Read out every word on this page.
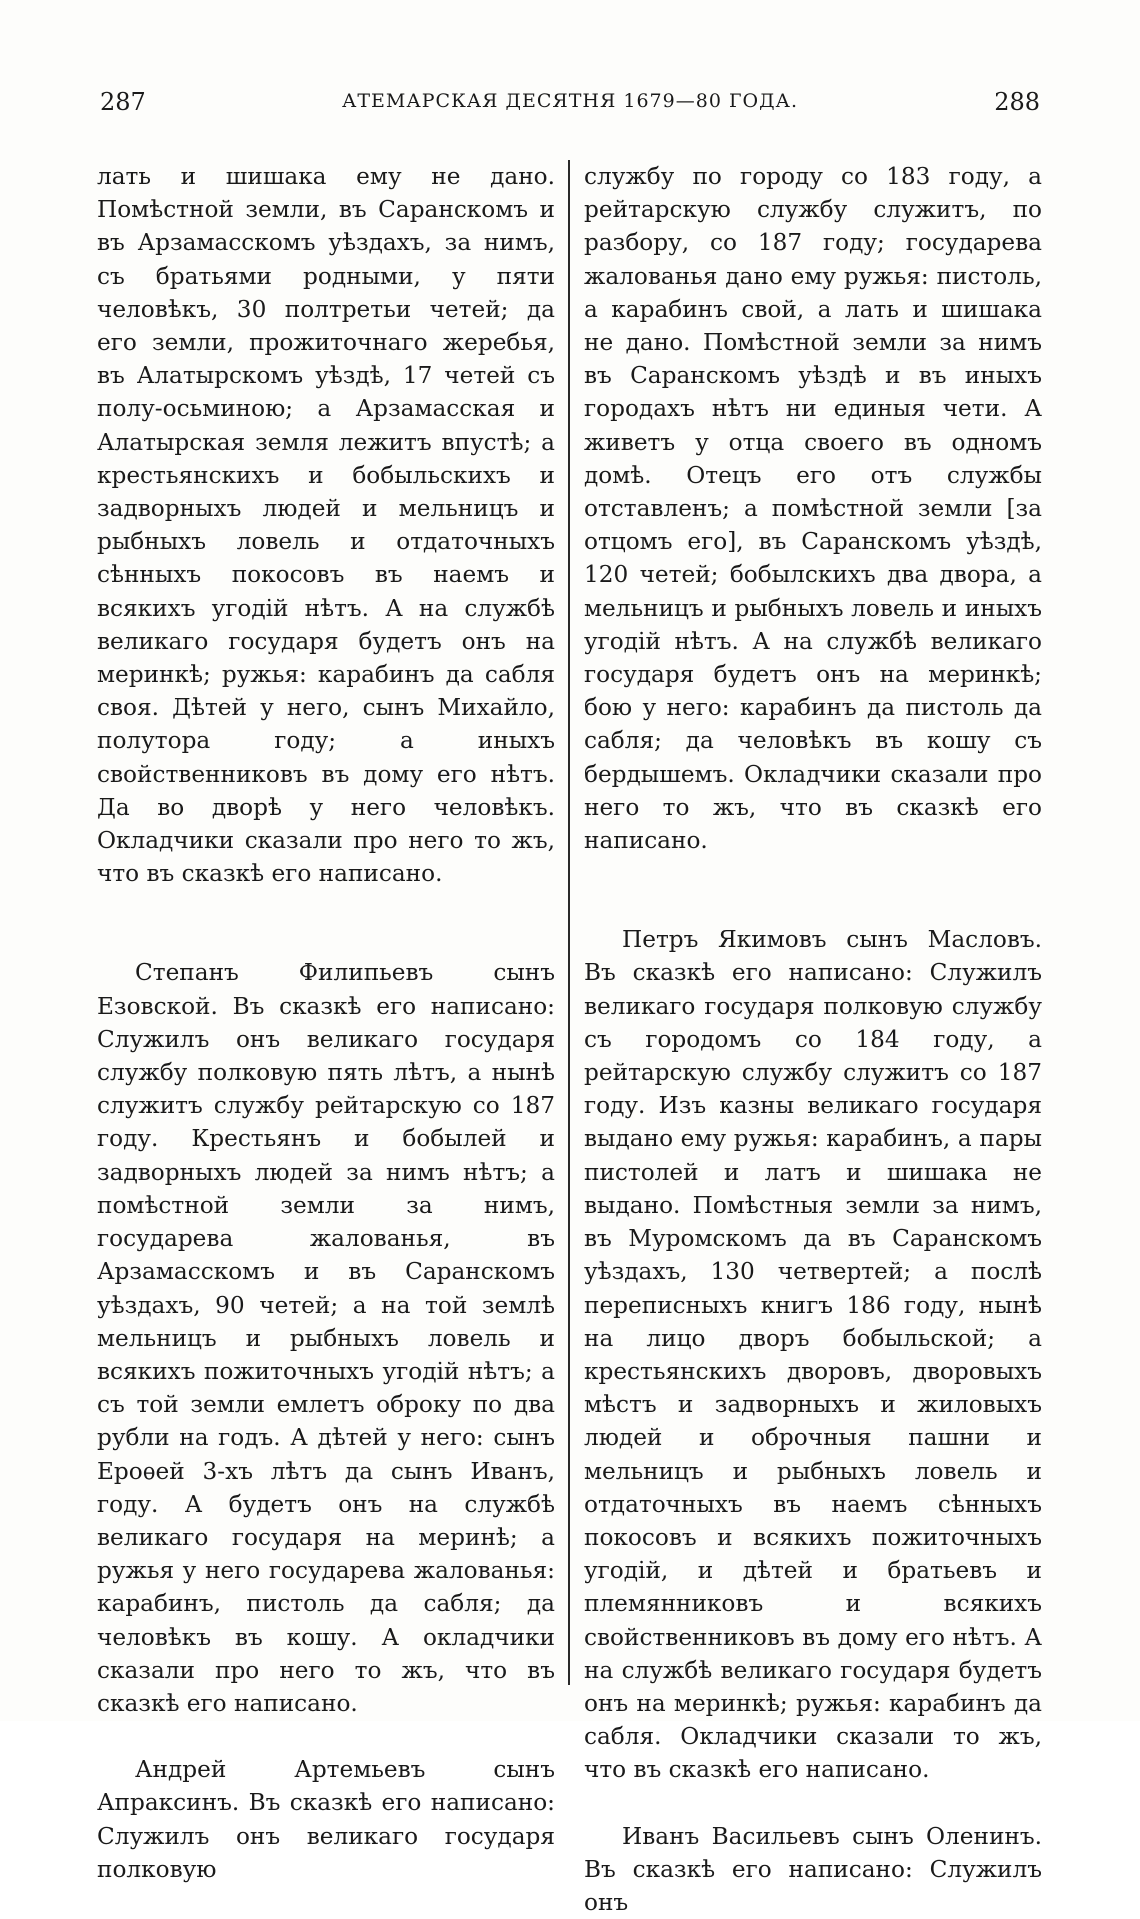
287	АТЕМАРСКАЯ ДЕСЯТНЯ 1679—80 ГОДА.	288

лать и шишака ему не дано. Помѣстной земли, въ Саранскомъ и въ Арзамасскомъ уѣздахъ, за нимъ, съ братьями родными, у пяти человѣкъ, 30 полтретьи четей; да его земли, прожиточнаго жеребья, въ Алатырскомъ уѣздѣ, 17 четей съ полу-осьминою; а Арзамасская и Алатырская земля лежитъ впустѣ; а крестьянскихъ и бобыльскихъ и задворныхъ людей и мельницъ и рыбныхъ ловель и отдаточныхъ сѣнныхъ покосовъ въ наемъ и всякихъ угодій нѣтъ. А на службѣ великаго государя будетъ онъ на меринкѣ; ружья: карабинъ да сабля своя. Дѣтей у него, сынъ Михайло, полутора году; а иныхъ свойственниковъ въ дому его нѣтъ. Да во дворѣ у него человѣкъ. Окладчики сказали про него то жъ, что въ сказкѣ его написано.

Степанъ Филипьевъ сынъ Езовской. Въ сказкѣ его написано: Служилъ онъ великаго государя службу полковую пять лѣтъ, а нынѣ служитъ службу рейтарскую со 187 году. Крестьянъ и бобылей и задворныхъ людей за нимъ нѣтъ; а помѣстной земли за нимъ, государева жалованья, въ Арзамасскомъ и въ Саранскомъ уѣздахъ, 90 четей; а на той землѣ мельницъ и рыбныхъ ловель и всякихъ пожиточныхъ угодій нѣтъ; а съ той земли емлетъ оброку по два рубли на годъ. А дѣтей у него: сынъ Ероѳей 3-хъ лѣтъ да сынъ Иванъ, году. А будетъ онъ на службѣ великаго государя на меринѣ; а ружья у него государева жалованья: карабинъ, пистоль да сабля; да человѣкъ въ кошу. А окладчики сказали про него то жъ, что въ сказкѣ его написано.

Андрей Артемьевъ сынъ Апраксинъ. Въ сказкѣ его написано: Служилъ онъ великаго государя полковую

службу по городу со 183 году, а рейтарскую службу служитъ, по разбору, со 187 году; государева жалованья дано ему ружья: пистоль, а карабинъ свой, а лать и шишака не дано. Помѣстной земли за нимъ въ Саранскомъ уѣздѣ и въ иныхъ городахъ нѣтъ ни единыя чети. А живетъ у отца своего въ одномъ домѣ. Отецъ его отъ службы отставленъ; а помѣстной земли [за отцомъ его], въ Саранскомъ уѣздѣ, 120 четей; бобылскихъ два двора, а мельницъ и рыбныхъ ловель и иныхъ угодій нѣтъ. А на службѣ великаго государя будетъ онъ на меринкѣ; бою у него: карабинъ да пистоль да сабля; да человѣкъ въ кошу съ бердышемъ. Окладчики сказали про него то жъ, что въ сказкѣ его написано.

Петръ Якимовъ сынъ Масловъ. Въ сказкѣ его написано: Служилъ великаго государя полковую службу съ городомъ со 184 году, а рейтарскую службу служитъ со 187 году. Изъ казны великаго государя выдано ему ружья: карабинъ, а пары пистолей и латъ и шишака не выдано. Помѣстныя земли за нимъ, въ Муромскомъ да въ Саранскомъ уѣздахъ, 130 четвертей; а послѣ переписныхъ книгъ 186 году, нынѣ на лицо дворъ бобыльской; а крестьянскихъ дворовъ, дворовыхъ мѣстъ и задворныхъ и жиловыхъ людей и оброчныя пашни и мельницъ и рыбныхъ ловель и отдаточныхъ въ наемъ сѣнныхъ покосовъ и всякихъ пожиточныхъ угодій, и дѣтей и братьевъ и племянниковъ и всякихъ свойственниковъ въ дому его нѣтъ. А на службѣ великаго государя будетъ онъ на меринкѣ; ружья: карабинъ да сабля. Окладчики сказали то жъ, что въ сказкѣ его написано.

Иванъ Васильевъ сынъ Оленинъ. Въ сказкѣ его написано: Служилъ онъ
